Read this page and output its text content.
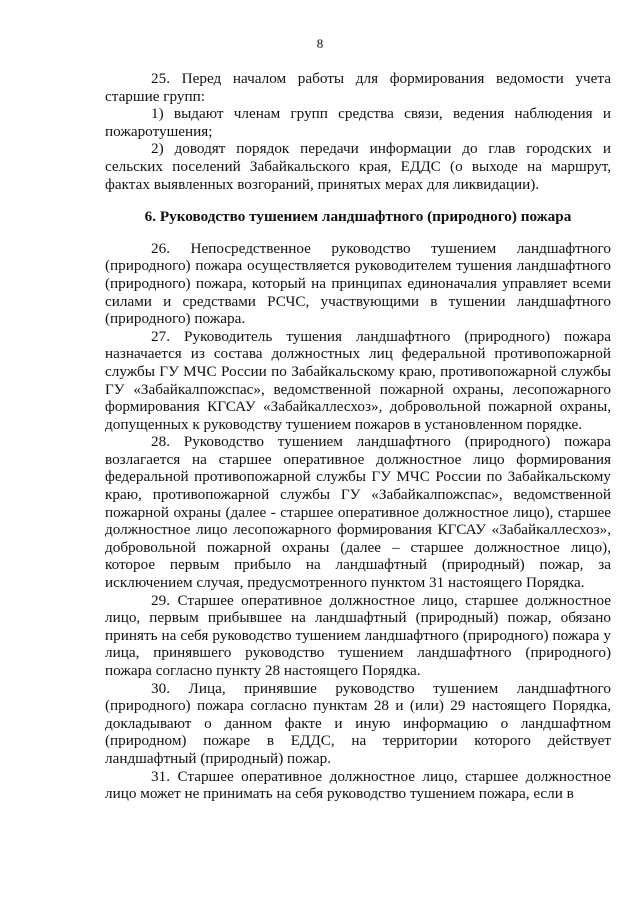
8

25. Перед началом работы для формирования ведомости учета старшие групп:

1) выдают членам групп средства связи, ведения наблюдения и пожаротушения;

2) доводят порядок передачи информации до глав городских и сельских поселений Забайкальского края, ЕДДС (о выходе на маршрут, фактах выявленных возгораний, принятых мерах для ликвидации).

6. Руководство тушением ландшафтного (природного) пожара

26. Непосредственное руководство тушением ландшафтного (природного) пожара осуществляется руководителем тушения ландшафтного (природного) пожара, который на принципах единоначалия управляет всеми силами и средствами РСЧС, участвующими в тушении ландшафтного (природного) пожара.

27. Руководитель тушения ландшафтного (природного) пожара назначается из состава должностных лиц федеральной противопожарной службы ГУ МЧС России по Забайкальскому краю, противопожарной службы ГУ «Забайкалпожспас», ведомственной пожарной охраны, лесопожарного формирования КГСАУ «Забайкаллесхоз», добровольной пожарной охраны, допущенных к руководству тушением пожаров в установленном порядке.

28. Руководство тушением ландшафтного (природного) пожара возлагается на старшее оперативное должностное лицо формирования федеральной противопожарной службы ГУ МЧС России по Забайкальскому краю, противопожарной службы ГУ «Забайкалпожспас», ведомственной пожарной охраны (далее - старшее оперативное должностное лицо), старшее должностное лицо лесопожарного формирования КГСАУ «Забайкаллесхоз», добровольной пожарной охраны (далее – старшее должностное лицо), которое первым прибыло на ландшафтный (природный) пожар, за исключением случая, предусмотренного пунктом 31 настоящего Порядка.

29. Старшее оперативное должностное лицо, старшее должностное лицо, первым прибывшее на ландшафтный (природный) пожар, обязано принять на себя руководство тушением ландшафтного (природного) пожара у лица, принявшего руководство тушением ландшафтного (природного) пожара согласно пункту 28 настоящего Порядка.

30. Лица, принявшие руководство тушением ландшафтного (природного) пожара согласно пунктам 28 и (или) 29 настоящего Порядка, докладывают о данном факте и иную информацию о ландшафтном (природном) пожаре в ЕДДС, на территории которого действует ландшафтный (природный) пожар.

31. Старшее оперативное должностное лицо, старшее должностное лицо может не принимать на себя руководство тушением пожара, если в
